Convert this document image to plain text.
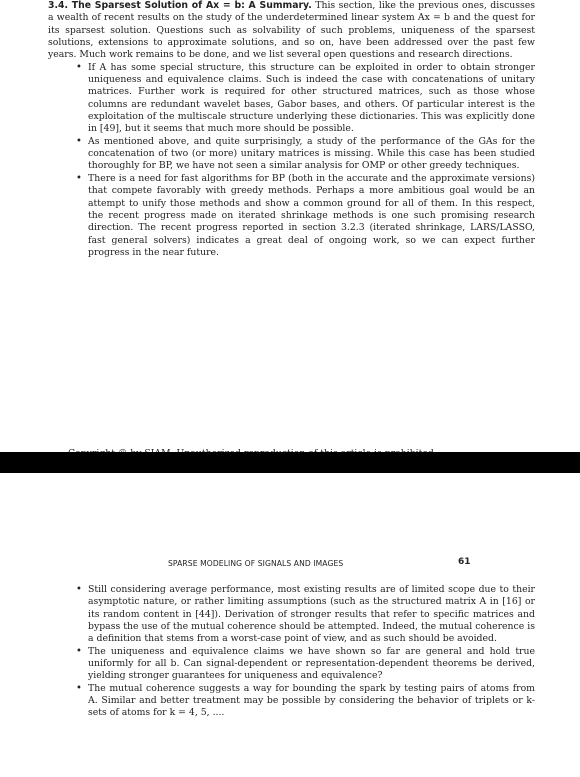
3.4. The Sparsest Solution of Ax = b: A Summary. This section, like the previous ones, discusses a wealth of recent results on the study of the underdetermined linear system Ax = b and the quest for its sparsest solution. Questions such as solvability of such problems, uniqueness of the sparsest solutions, extensions to approximate solutions, and so on, have been addressed over the past few years. Much work remains to be done, and we list several open questions and research directions.

• If A has some special structure, this structure can be exploited in order to obtain stronger uniqueness and equivalence claims. Such is indeed the case with concatenations of unitary matrices. Further work is required for other structured matrices, such as those whose columns are redundant wavelet bases, Gabor bases, and others. Of particular interest is the exploitation of the multiscale structure underlying these dictionaries. This was explicitly done in [49], but it seems that much more should be possible.
• As mentioned above, and quite surprisingly, a study of the performance of the GAs for the concatenation of two (or more) unitary matrices is missing. While this case has been studied thoroughly for BP, we have not seen a similar analysis for OMP or other greedy techniques.
• There is a need for fast algorithms for BP (both in the accurate and the approximate versions) that compete favorably with greedy methods. Perhaps a more ambitious goal would be an attempt to unify those methods and show a common ground for all of them. In this respect, the recent progress made on iterated shrinkage methods is one such promising research direction. The recent progress reported in section 3.2.3 (iterated shrinkage, LARS/LASSO, fast general solvers) indicates a great deal of ongoing work, so we can expect further progress in the near future.
SPARSE MODELING OF SIGNALS AND IMAGES	61
• Still considering average performance, most existing results are of limited scope due to their asymptotic nature, or rather limiting assumptions (such as the structured matrix A in [16] or its random content in [44]). Derivation of stronger results that refer to specific matrices and bypass the use of the mutual coherence should be attempted. Indeed, the mutual coherence is a definition that stems from a worst-case point of view, and as such should be avoided.
• The uniqueness and equivalence claims we have shown so far are general and hold true uniformly for all b. Can signal-dependent or representation-dependent theorems be derived, yielding stronger guarantees for uniqueness and equivalence?
• The mutual coherence suggests a way for bounding the spark by testing pairs of atoms from A. Similar and better treatment may be possible by considering the behavior of triplets or k-sets of atoms for k = 4, 5, ....
